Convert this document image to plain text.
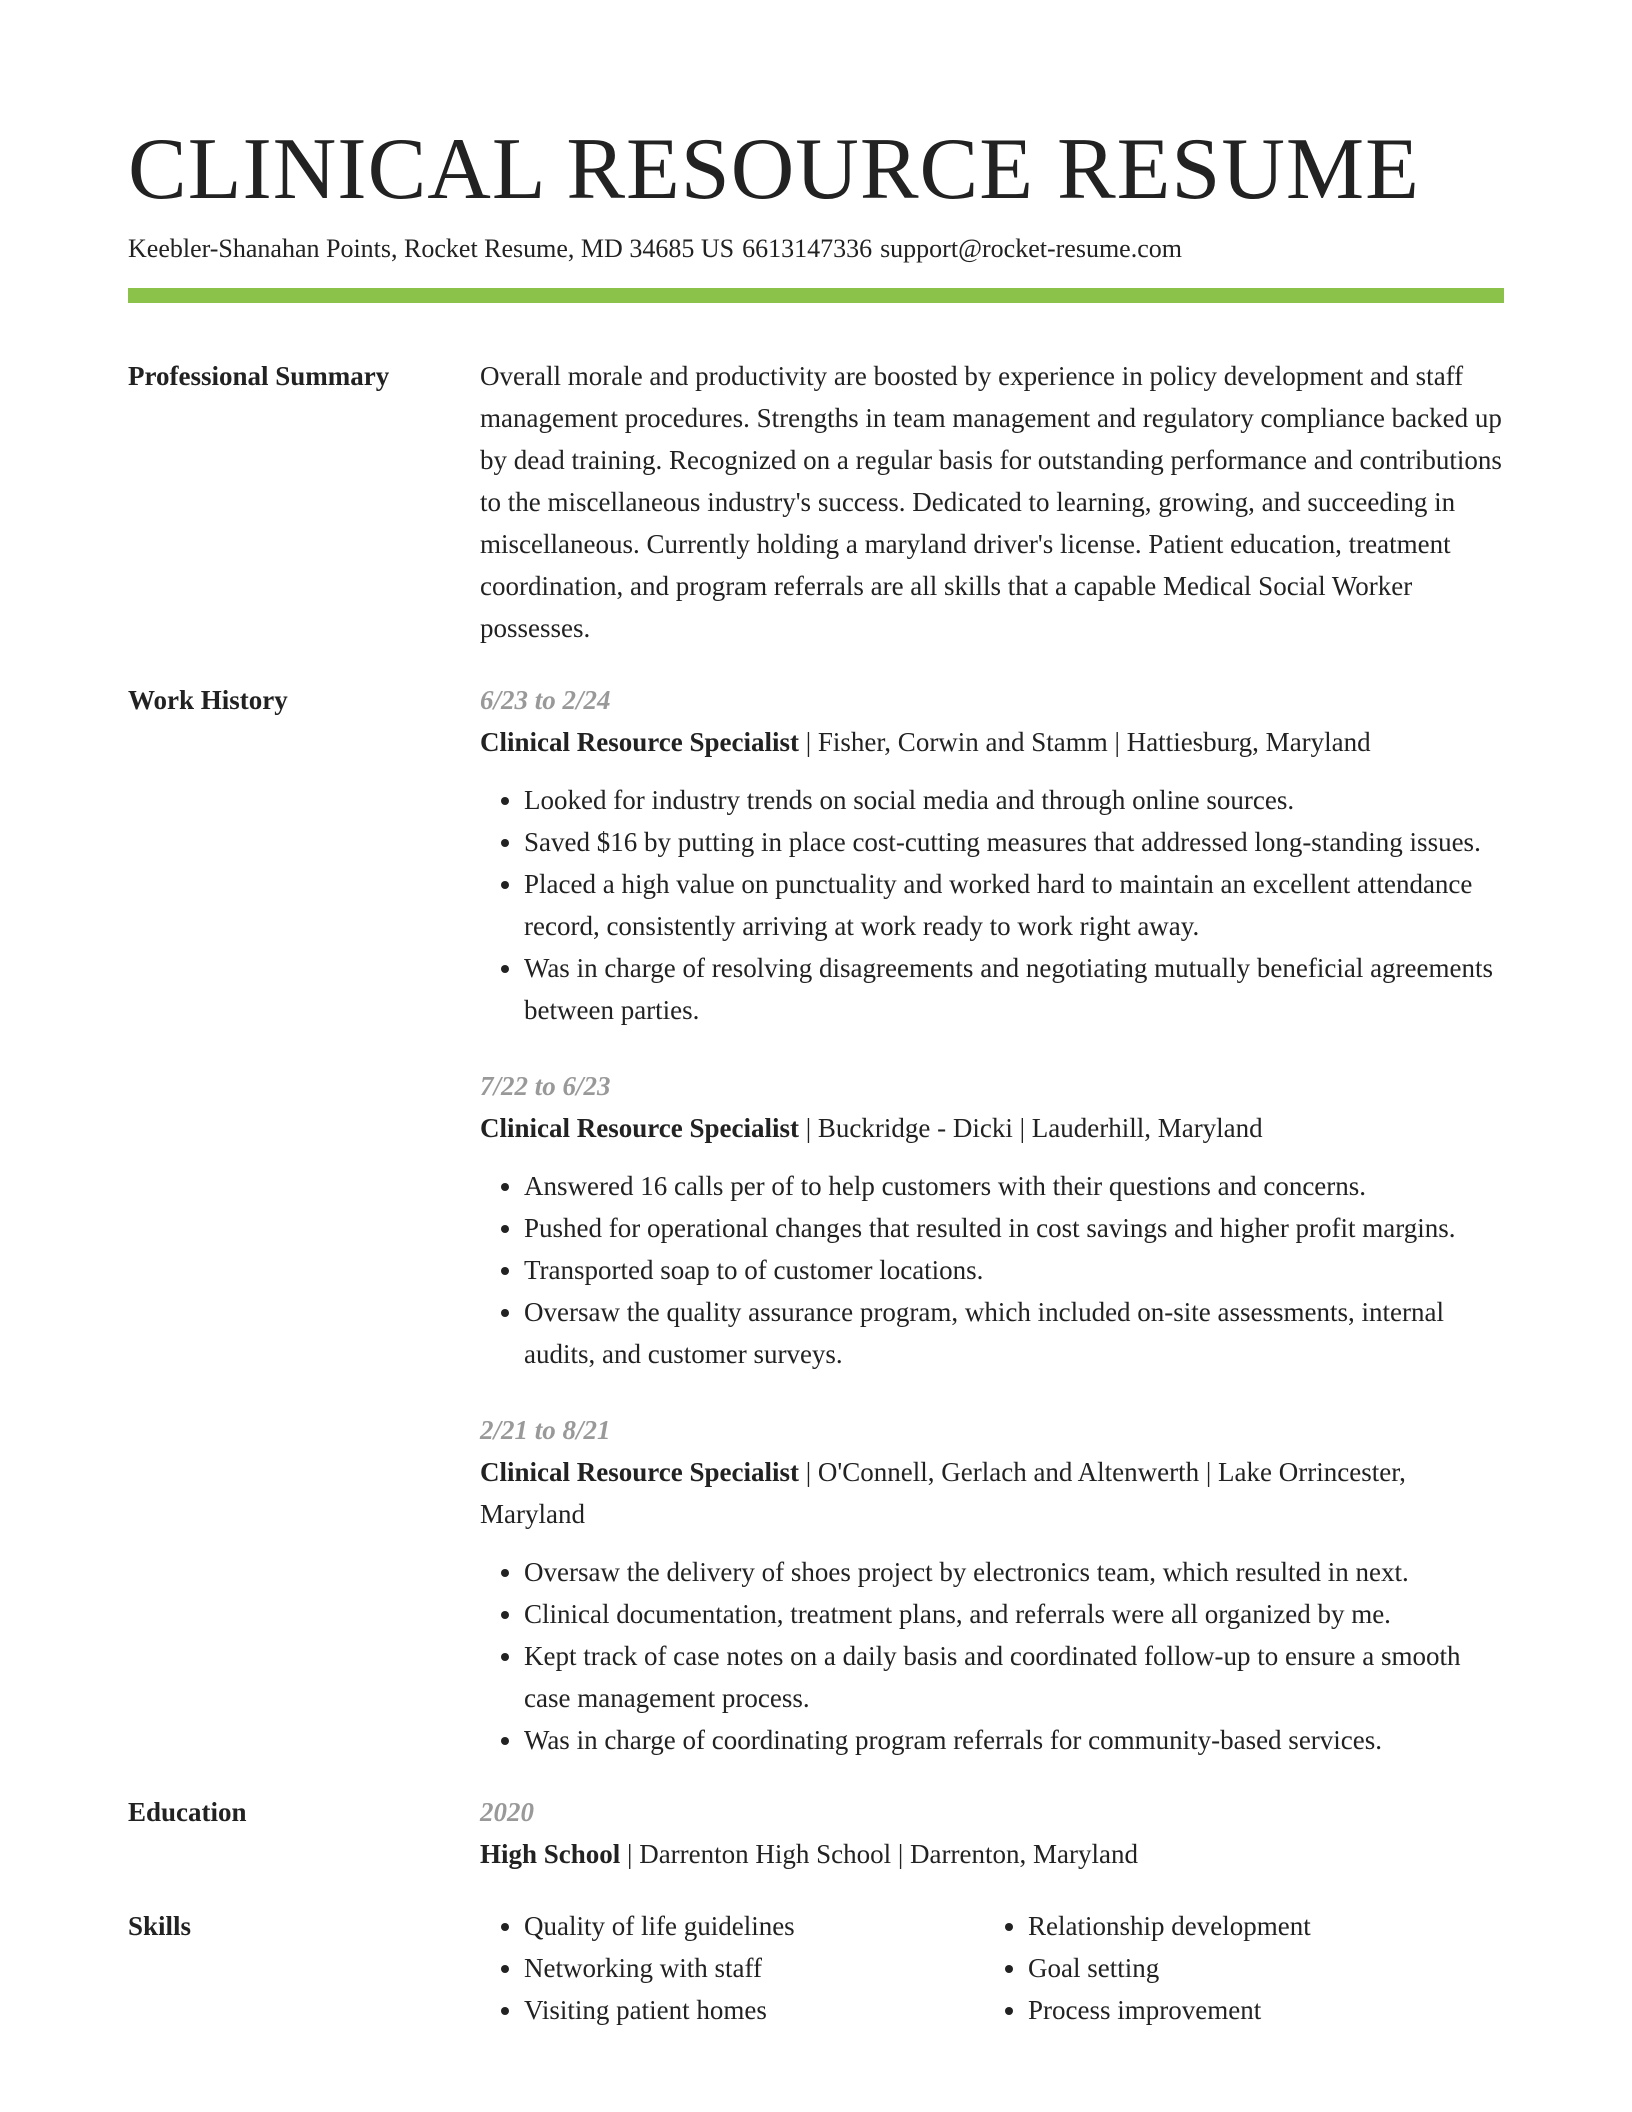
CLINICAL RESOURCE RESUME
Keebler-Shanahan Points, Rocket Resume, MD 34685 US 6613147336 support@rocket-resume.com
Professional Summary	Overall morale and productivity are boosted by experience in policy development and staff management procedures. Strengths in team management and regulatory compliance backed up by dead training. Recognized on a regular basis for outstanding performance and contributions to the miscellaneous industry's success. Dedicated to learning, growing, and succeeding in miscellaneous. Currently holding a maryland driver's license. Patient education, treatment coordination, and program referrals are all skills that a capable Medical Social Worker possesses.

Work History	6/23 to 2/24
Clinical Resource Specialist | Fisher, Corwin and Stamm | Hattiesburg, Maryland
• Looked for industry trends on social media and through online sources.
• Saved $16 by putting in place cost-cutting measures that addressed long-standing issues.
• Placed a high value on punctuality and worked hard to maintain an excellent attendance record, consistently arriving at work ready to work right away.
• Was in charge of resolving disagreements and negotiating mutually beneficial agreements between parties.
7/22 to 6/23
Clinical Resource Specialist | Buckridge - Dicki | Lauderhill, Maryland
• Answered 16 calls per of to help customers with their questions and concerns.
• Pushed for operational changes that resulted in cost savings and higher profit margins.
• Transported soap to of customer locations.
• Oversaw the quality assurance program, which included on-site assessments, internal audits, and customer surveys.
2/21 to 8/21
Clinical Resource Specialist | O'Connell, Gerlach and Altenwerth | Lake Orrincester, Maryland
• Oversaw the delivery of shoes project by electronics team, which resulted in next.
• Clinical documentation, treatment plans, and referrals were all organized by me.
• Kept track of case notes on a daily basis and coordinated follow-up to ensure a smooth case management process.
• Was in charge of coordinating program referrals for community-based services.
Education	2020
High School | Darrenton High School | Darrenton, Maryland
Skills
•	Quality of life guidelines
• Networking with staff
• Visiting patient homes
• Relationship development
• Goal setting
• Process improvement
